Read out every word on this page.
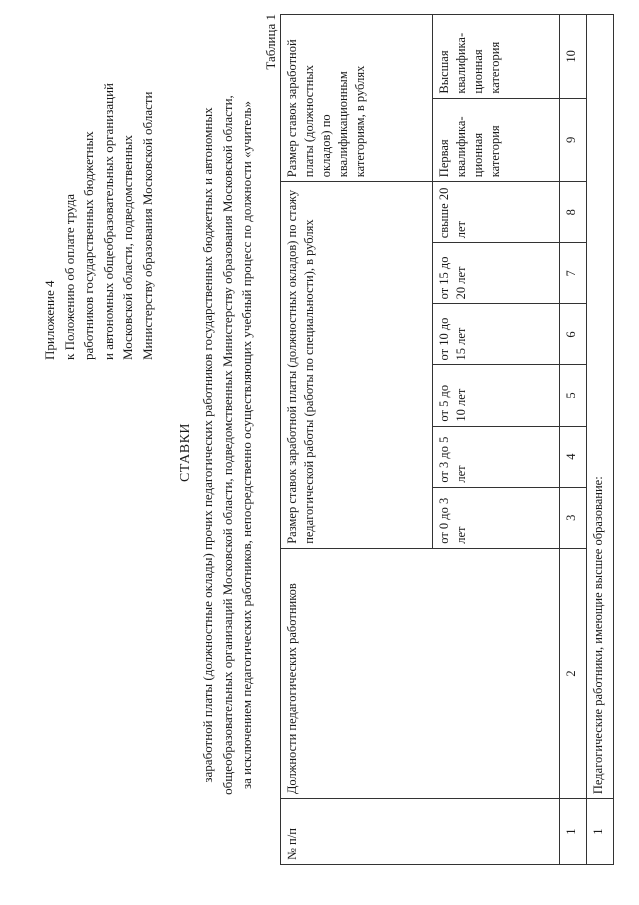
Приложение 4 к Положению об оплате труда работников государственных бюджетных и автономных общеобразовательных организаций Московской области, подведомственных Министерству образования Московской области
СТАВКИ заработной платы (должностные оклады) прочих педагогических работников государственных бюджетных и автономных общеобразовательных организаций Московской области, подведомственных Министерству образования Московской области, за исключением педагогических работников, непосредственно осуществляющих учебный процесс по должности «учитель»
Таблица 1
№ п/п	Должности педагогических работников	Размер ставок заработной платы (должностных окладов) по стажу педагогической работы (работы по специальности), в рублях						Размер ставок заработной платы (должностных окладов) по квалификационным категориям, в рублях	
		от 0 до 3 лет	от 3 до 5 лет	от 5 до 10 лет	от 10 до 15 лет	от 15 до 20 лет	свыше 20 лет	Первая квалифика-ционная категория	Высшая квалифика-ционная категория
1	2	3	4	5	6	7	8	9	10
1	Педагогические работники, имеющие высшее образование:								
